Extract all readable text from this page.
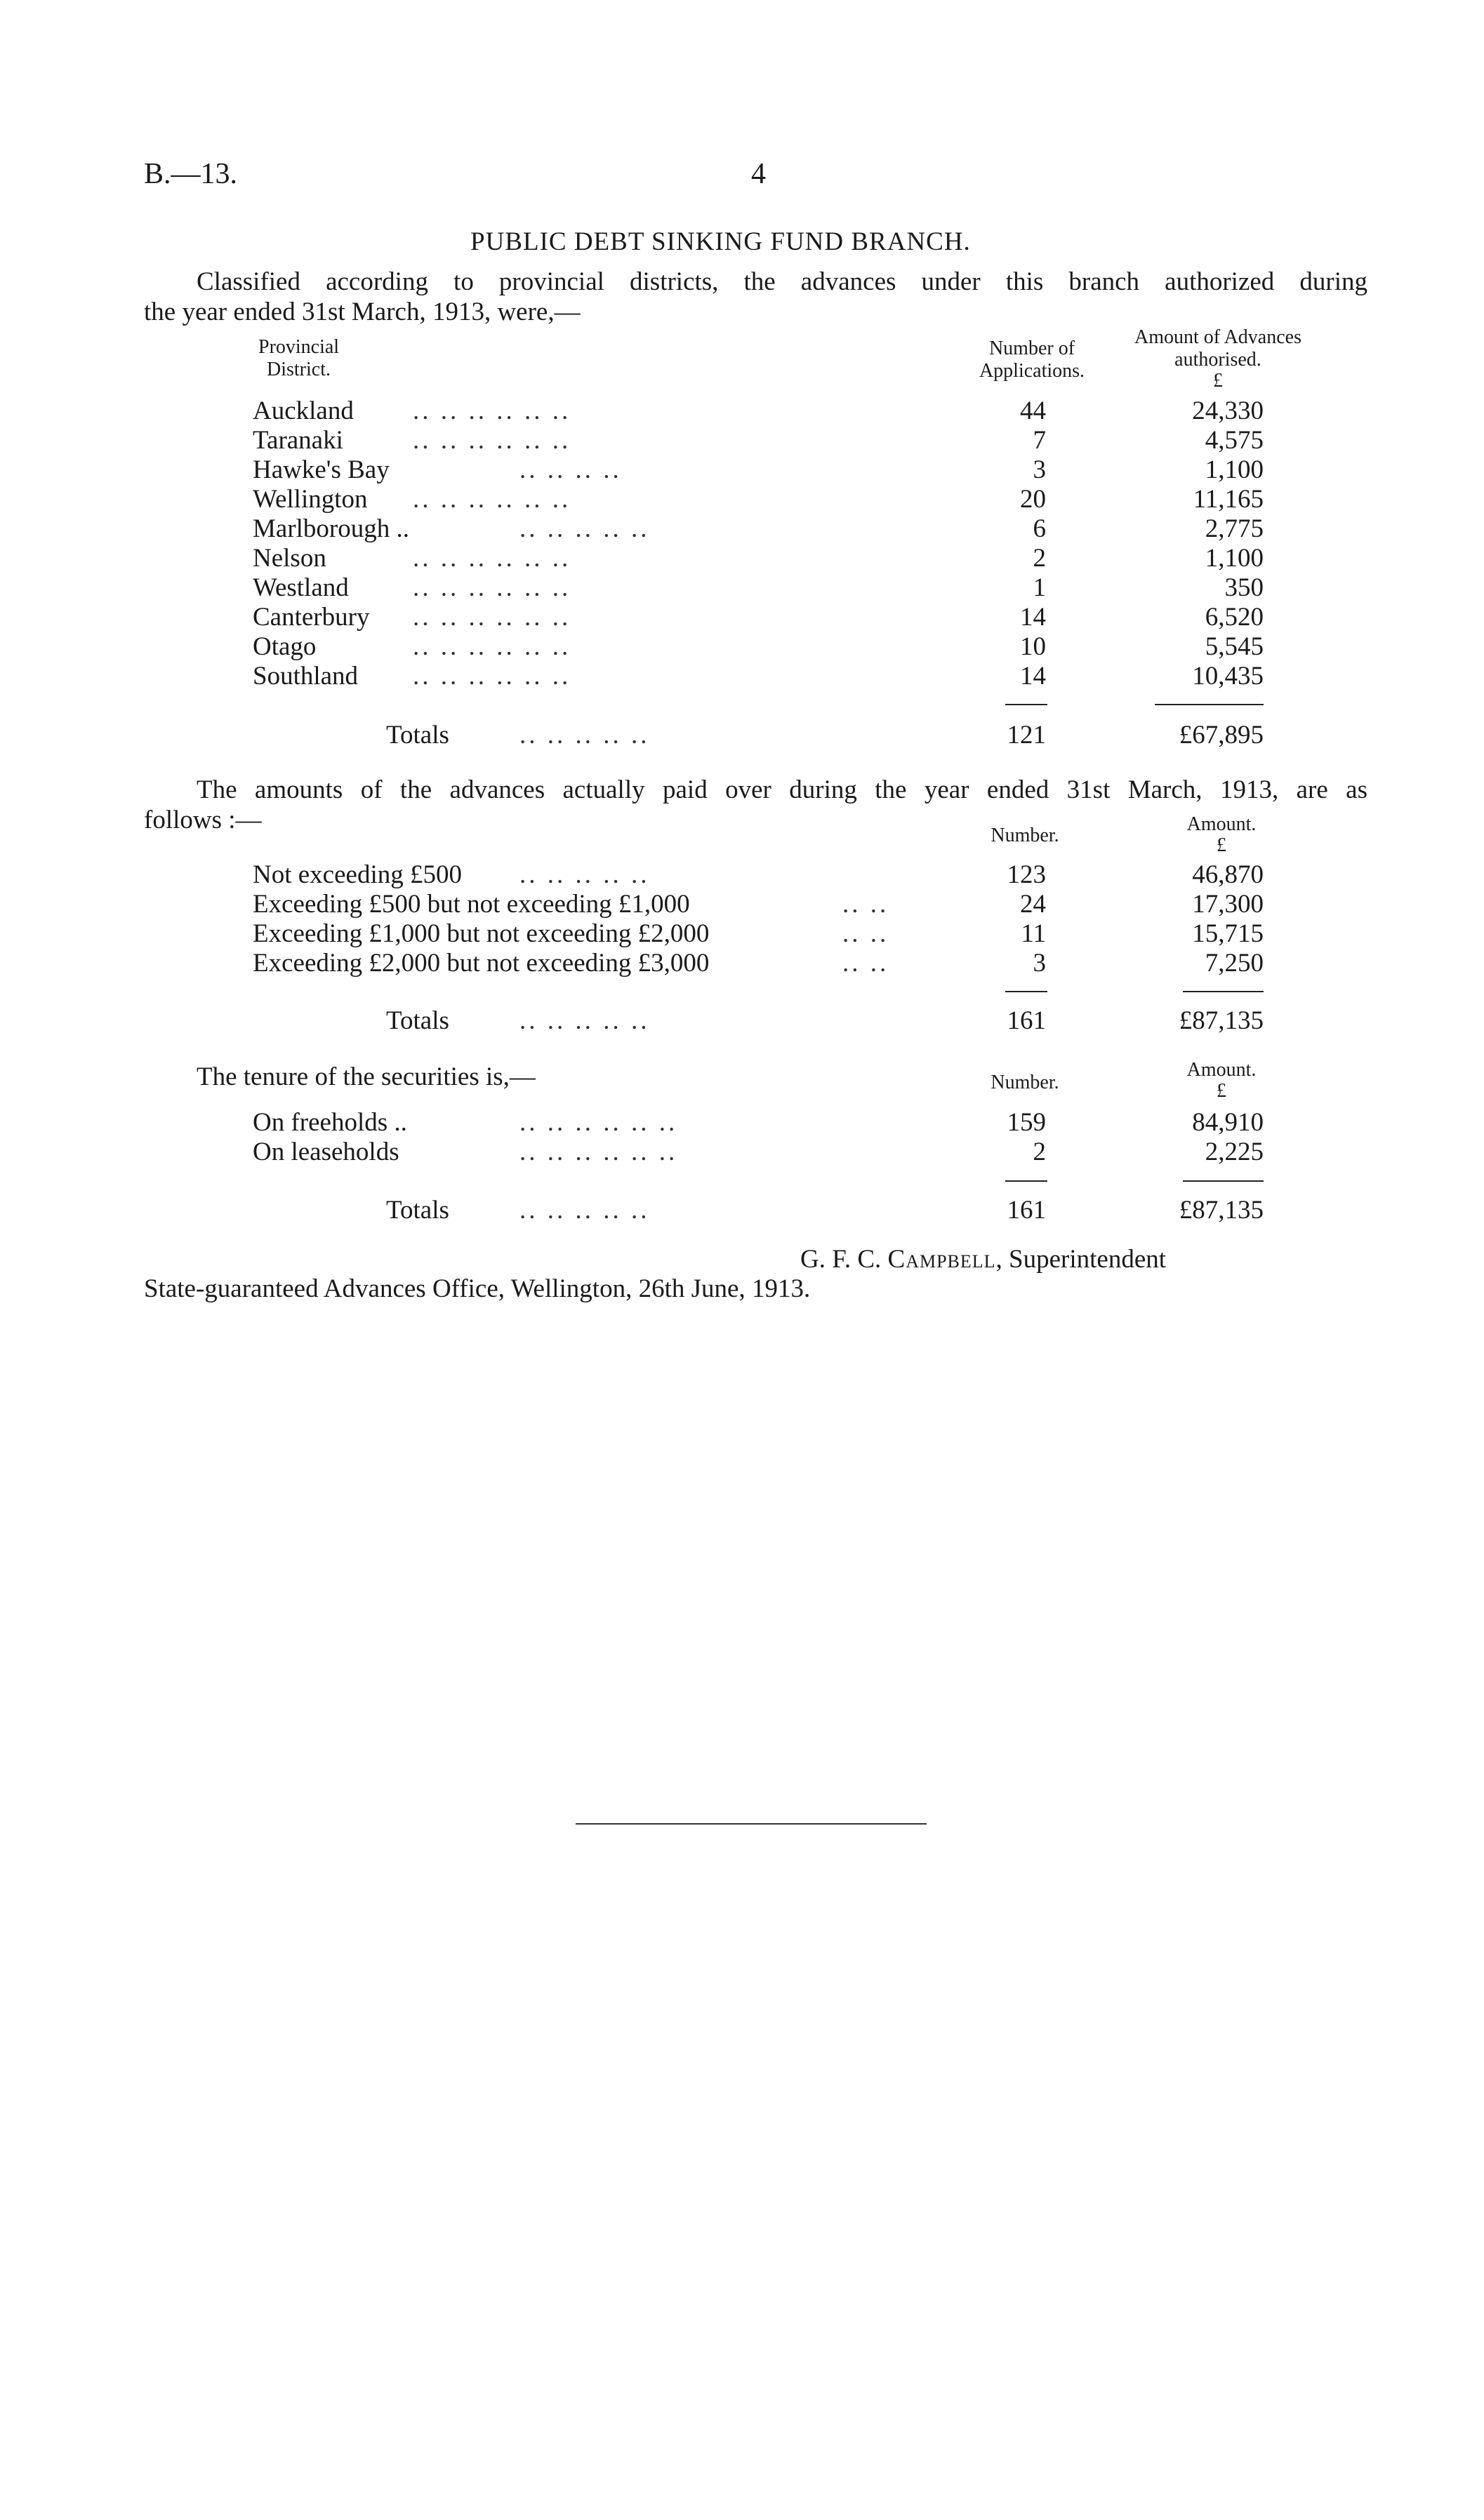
B.—13.	4
PUBLIC DEBT SINKING FUND BRANCH.
Classified according to provincial districts, the advances under this branch authorized during
the year ended 31st March, 1913, were,—
Provincial
District.
Number of
Applications.
Amount of Advances
authorised.
£
Auckland .. .. .. .. .. ..	44	24,330
Taranaki	.. .. .. .. .. ..	7	4,575
Hawke's Bay	.. .. .. ..	3	1,100
Wellington .. .. .. .. .. ..	20	11,165
Marlborough ..	.. .. .. .. ..	6	2,775
Nelson	.. .. .. .. .. ..	2	1,100
Westland .. .. .. .. .. ..	1	350
Canterbury .. .. .. .. .. ..	14	6,520
Otago	.. .. .. .. .. ..	10	5,545
Southland .. .. .. .. .. ..	14	10,435
Totals	.. .. .. .. ..	121	£67,895
The amounts of the advances actually paid over during the year ended 31st March, 1913, are as
follows :—
Number.
Amount.
£
Not exceeding £500 .. .. .. .. ..	123	46,870
Exceeding £500 but not exceeding £1,000	.. ..	24	17,300
Exceeding £1,000 but not exceeding £2,000	.. ..	11	15,715
Exceeding £2,000 but not exceeding £3,000	.. ..	3	7,250
Totals	.. .. .. .. ..	161	£87,135
The tenure of the securities is,—	Number.
Amount.
£
On freeholds ..	.. .. .. .. .. ..	159	84,910
On leaseholds	.. .. .. .. .. ..	2	2,225
Totals	.. .. .. .. ..	161	£87,135
G. F. C. Campbell, Superintendent
State-guaranteed Advances Office, Wellington, 26th June, 1913.
